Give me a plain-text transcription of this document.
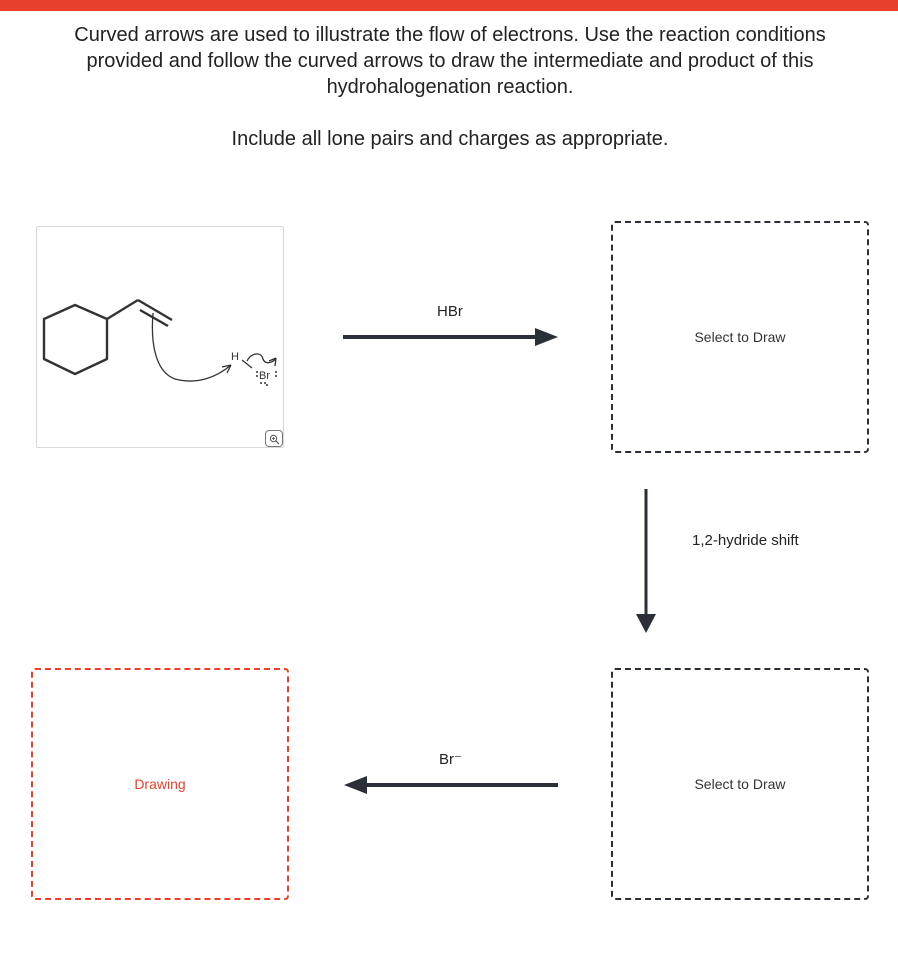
Curved arrows are used to illustrate the flow of electrons. Use the reaction conditions provided and follow the curved arrows to draw the intermediate and product of this hydrohalogenation reaction.

Include all lone pairs and charges as appropriate.

H
Br
HBr
Select to Draw
1,2-hydride shift
Select to Draw
Br⁻
Drawing
